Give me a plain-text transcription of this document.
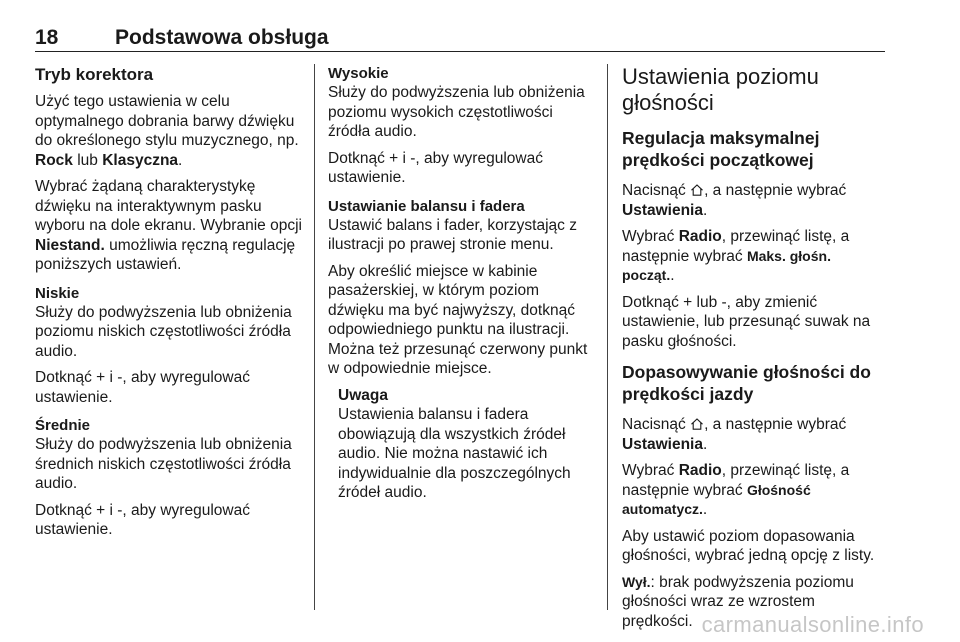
18	Podstawowa obsługa
Tryb korektora

Użyć tego ustawienia w celu optymalnego dobrania barwy dźwięku do określonego stylu muzycznego, np. Rock lub Klasyczna.

Wybrać żądaną charakterystykę dźwięku na interaktywnym pasku wyboru na dole ekranu. Wybranie opcji Niestand. umożliwia ręczną regulację poniższych ustawień.

Niskie

Służy do podwyższenia lub obniżenia poziomu niskich częstotliwości źródła audio.

Dotknąć + i -, aby wyregulować ustawienie.

Średnie

Służy do podwyższenia lub obniżenia średnich niskich częstotliwości źródła audio.

Dotknąć + i -, aby wyregulować ustawienie.

Wysokie

Służy do podwyższenia lub obniżenia poziomu wysokich częstotliwości źródła audio.

Dotknąć + i -, aby wyregulować ustawienie.

Ustawianie balansu i fadera

Ustawić balans i fader, korzystając z ilustracji po prawej stronie menu.

Aby określić miejsce w kabinie pasażerskiej, w którym poziom dźwięku ma być najwyższy, dotknąć odpowiedniego punktu na ilustracji. Można też przesunąć czerwony punkt w odpowiednie miejsce.

Uwaga

Ustawienia balansu i fadera obowiązują dla wszystkich źródeł audio. Nie można nastawić ich indywidualnie dla poszczególnych źródeł audio.

Ustawienia poziomu głośności
Regulacja maksymalnej prędkości początkowej

Nacisnąć
, a następnie wybrać Ustawienia.

Wybrać Radio, przewinąć listę, a następnie wybrać Maks. głośn. począt..

Dotknąć + lub -, aby zmienić ustawienie, lub przesunąć suwak na pasku głośności.

Dopasowywanie głośności do prędkości jazdy

Nacisnąć
, a następnie wybrać Ustawienia.

Wybrać Radio, przewinąć listę, a następnie wybrać Głośność automatycz..

Aby ustawić poziom dopasowania głośności, wybrać jedną opcję z listy.

Wył.: brak podwyższenia poziomu głośności wraz ze wzrostem prędkości. carmanualsonline.info
